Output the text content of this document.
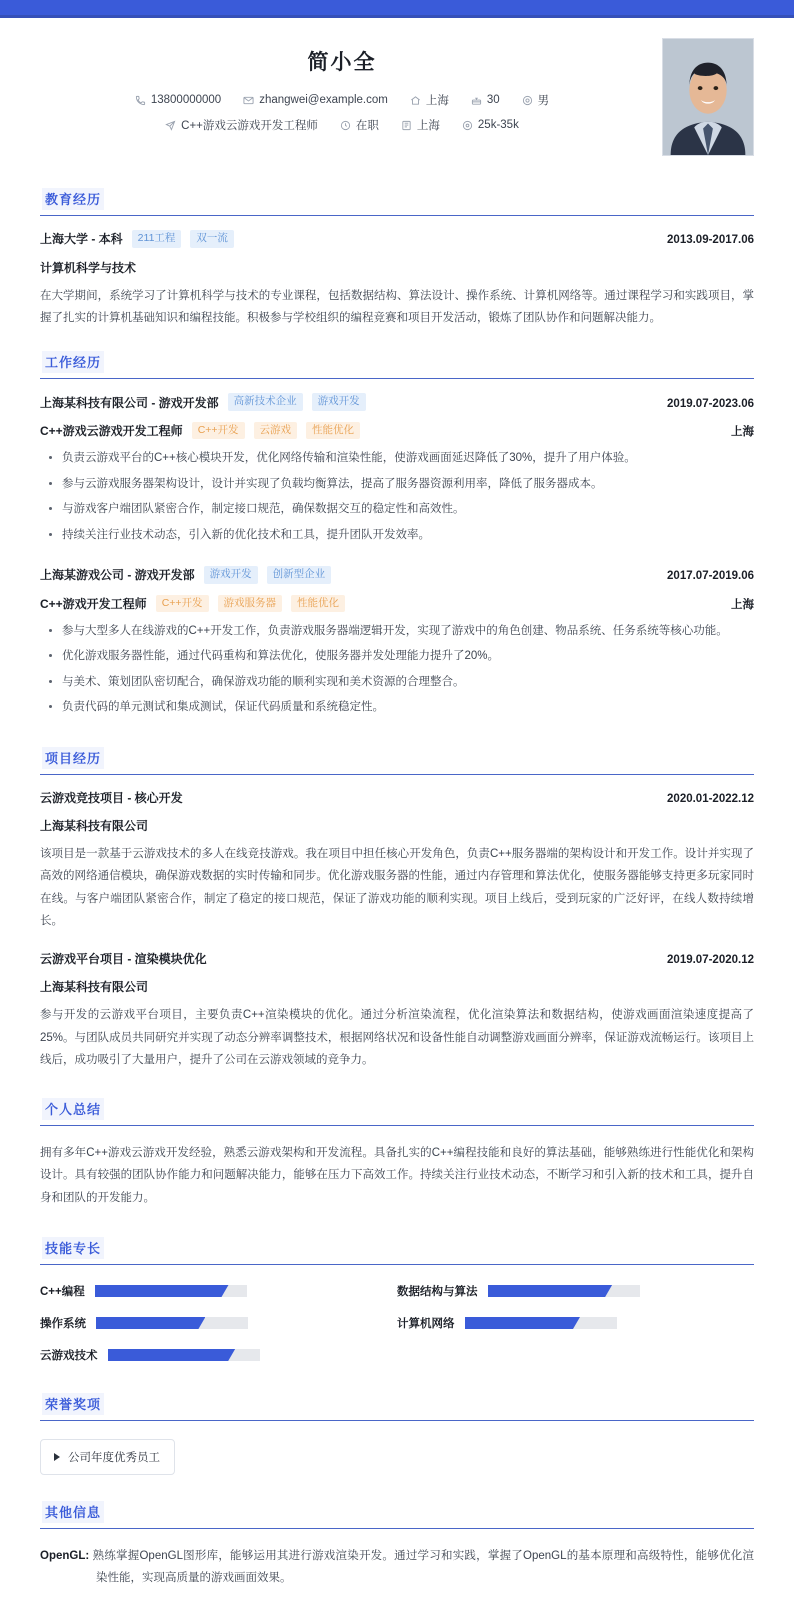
简小全
13800000000	zhangwei@example.com	上海	30	男
C++游戏云游戏开发工程师	在职	上海	25k-35k
教育经历
上海大学 - 本科	211工程	双一流	2013.09-2017.06
计算机科学与技术
在大学期间，系统学习了计算机科学与技术的专业课程，包括数据结构、算法设计、操作系统、计算机网络等。通过课程学习和实践项目，掌握了扎实的计算机基础知识和编程技能。积极参与学校组织的编程竞赛和项目开发活动，锻炼了团队协作和问题解决能力。
工作经历
上海某科技有限公司 - 游戏开发部	高新技术企业	游戏开发	2019.07-2023.06
C++游戏云游戏开发工程师	C++开发	云游戏	性能优化	上海
负责云游戏平台的C++核心模块开发，优化网络传输和渲染性能，使游戏画面延迟降低了30%，提升了用户体验。
参与云游戏服务器架构设计，设计并实现了负载均衡算法，提高了服务器资源利用率，降低了服务器成本。
与游戏客户端团队紧密合作，制定接口规范，确保数据交互的稳定性和高效性。
持续关注行业技术动态，引入新的优化技术和工具，提升团队开发效率。
上海某游戏公司 - 游戏开发部	游戏开发	创新型企业	2017.07-2019.06
C++游戏开发工程师	C++开发	游戏服务器	性能优化	上海
参与大型多人在线游戏的C++开发工作，负责游戏服务器端逻辑开发，实现了游戏中的角色创建、物品系统、任务系统等核心功能。
优化游戏服务器性能，通过代码重构和算法优化，使服务器并发处理能力提升了20%。
与美术、策划团队密切配合，确保游戏功能的顺利实现和美术资源的合理整合。
负责代码的单元测试和集成测试，保证代码质量和系统稳定性。
项目经历
云游戏竞技项目 - 核心开发	2020.01-2022.12
上海某科技有限公司
该项目是一款基于云游戏技术的多人在线竞技游戏。我在项目中担任核心开发角色，负责C++服务器端的架构设计和开发工作。设计并实现了高效的网络通信模块，确保游戏数据的实时传输和同步。优化游戏服务器的性能，通过内存管理和算法优化，使服务器能够支持更多玩家同时在线。与客户端团队紧密合作，制定了稳定的接口规范，保证了游戏功能的顺利实现。项目上线后，受到玩家的广泛好评，在线人数持续增长。
云游戏平台项目 - 渲染模块优化	2019.07-2020.12
上海某科技有限公司
参与开发的云游戏平台项目，主要负责C++渲染模块的优化。通过分析渲染流程，优化渲染算法和数据结构，使游戏画面渲染速度提高了25%。与团队成员共同研究并实现了动态分辨率调整技术，根据网络状况和设备性能自动调整游戏画面分辨率，保证游戏流畅运行。该项目上线后，成功吸引了大量用户，提升了公司在云游戏领域的竞争力。
个人总结
拥有多年C++游戏云游戏开发经验，熟悉云游戏架构和开发流程。具备扎实的C++编程技能和良好的算法基础，能够熟练进行性能优化和架构设计。具有较强的团队协作能力和问题解决能力，能够在压力下高效工作。持续关注行业技术动态，不断学习和引入新的技术和工具，提升自身和团队的开发能力。
技能专长
C++编程	数据结构与算法
操作系统	计算机网络
云游戏技术
荣誉奖项
公司年度优秀员工
其他信息
OpenGL: 熟练掌握OpenGL图形库，能够运用其进行游戏渲染开发。通过学习和实践，掌握了OpenGL的基本原理和高级特性，能够优化渲染性能，实现高质量的游戏画面效果。
